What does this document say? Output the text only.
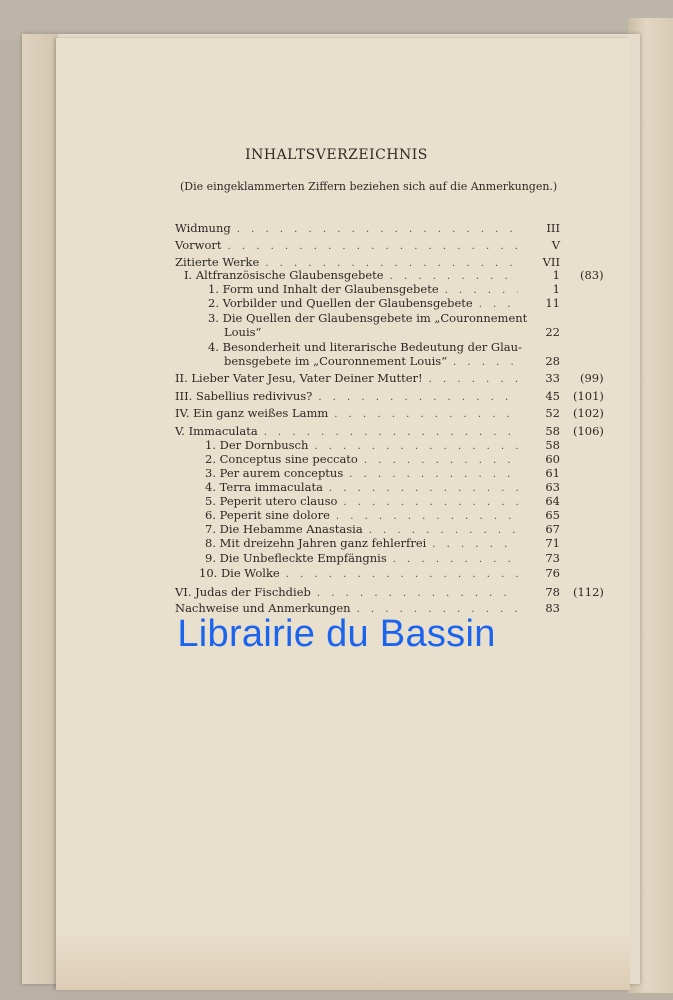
INHALTSVERZEICHNIS
(Die eingeklammerten Ziffern beziehen sich auf die Anmerkungen.)
Widmung . . .	III
Vorwort . . .	V
Zitierte Werke . . .	VII
I. Altfranzösische Glaubensgebete . . .	1 (83)
1. Form und Inhalt der Glaubensgebete . . .	1
2. Vorbilder und Quellen der Glaubensgebete . . .	11
3. Die Quellen der Glaubensgebete im „Couronnement
Louis“	22
4. Besonderheit und literarische Bedeutung der Glau-
bensgebete im „Couronnement Louis“ . . .	28
II. Lieber Vater Jesu, Vater Deiner Mutter! . . .	33 (99)
III. Sabellius redivivus? . . .	45 (101)
IV. Ein ganz weißes Lamm . . .	52 (102)
V. Immaculata . . .	58 (106)
1. Der Dornbusch . . .	58
2. Conceptus sine peccato . . .	60
3. Per aurem conceptus . . .	61
4. Terra immaculata . . .	63
5. Peperit utero clauso . . .	64
6. Peperit sine dolore . . .	65
7. Die Hebamme Anastasia . . .	67
8. Mit dreizehn Jahren ganz fehlerfrei . . .	71
9. Die Unbefleckte Empfängnis . . .	73
10. Die Wolke . . .	76
VI. Judas der Fischdieb . . .	78 (112)
Nachweise und Anmerkungen . . .	83
Librairie du Bassin
